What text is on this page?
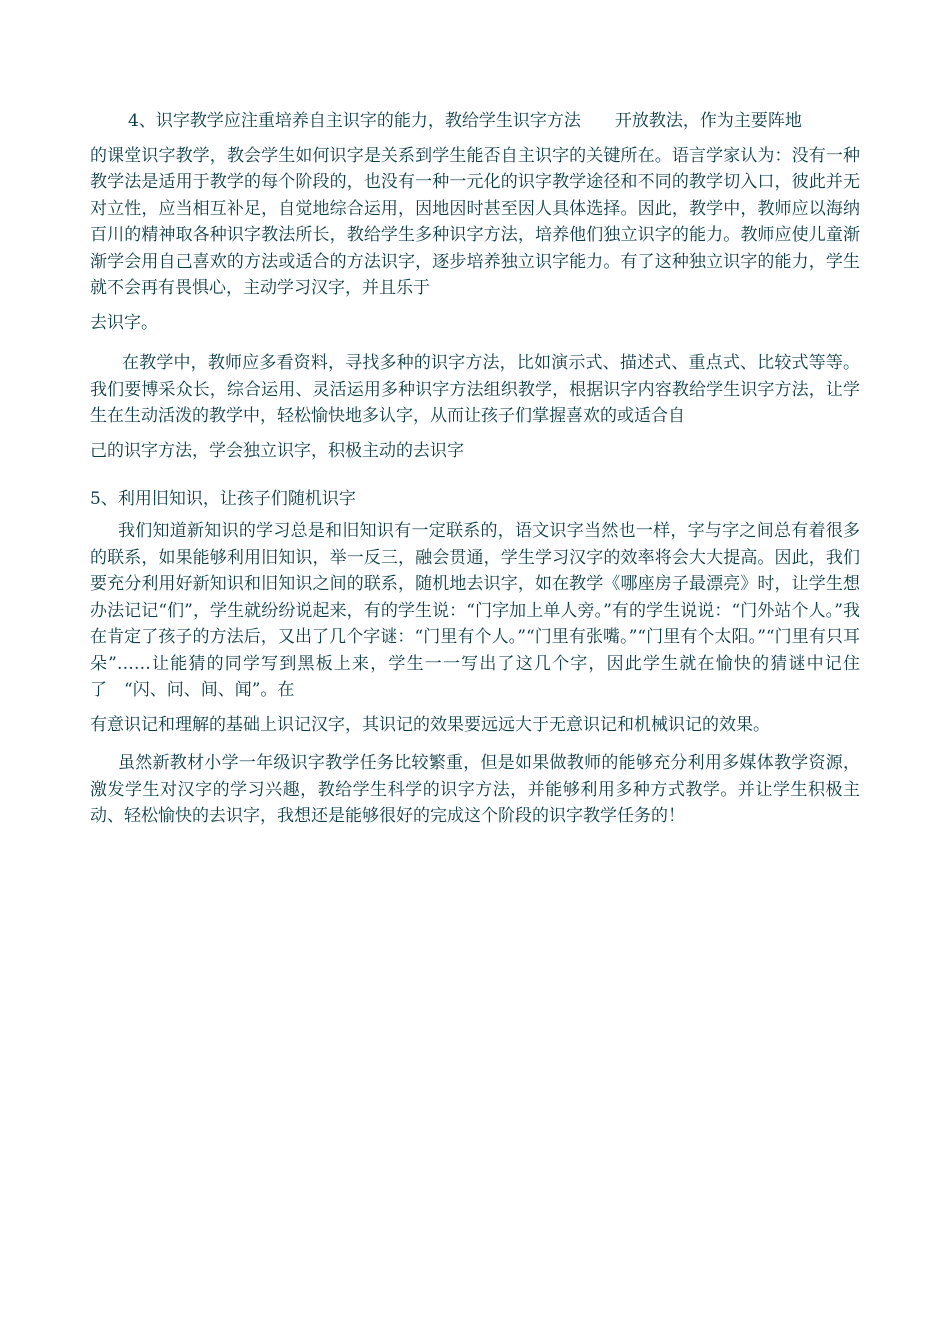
4、识字教学应注重培养自主识字的能力，教给学生识字方法　　开放教法，作为主要阵地
的课堂识字教学，教会学生如何识字是关系到学生能否自主识字的关键所在。语言学家认为：没有一种教学法是适用于教学的每个阶段的，也没有一种一元化的识字教学途径和不同的教学切入口，彼此并无对立性，应当相互补足，自觉地综合运用，因地因时甚至因人具体选择。因此，教学中，教师应以海纳百川的精神取各种识字教法所长，教给学生多种识字方法，培养他们独立识字的能力。教师应使儿童渐渐学会用自己喜欢的方法或适合的方法识字，逐步培养独立识字能力。有了这种独立识字的能力，学生就不会再有畏惧心，主动学习汉字，并且乐于
去识字。

在教学中，教师应多看资料，寻找多种的识字方法，比如演示式、描述式、重点式、比较式等等。我们要博采众长，综合运用、灵活运用多种识字方法组织教学，根据识字内容教给学生识字方法，让学生在生动活泼的教学中，轻松愉快地多认字，从而让孩子们掌握喜欢的或适合自
己的识字方法，学会独立识字，积极主动的去识字

5、利用旧知识，让孩子们随机识字

我们知道新知识的学习总是和旧知识有一定联系的，语文识字当然也一样，字与字之间总有着很多的联系，如果能够利用旧知识，举一反三，融会贯通，学生学习汉字的效率将会大大提高。因此，我们要充分利用好新知识和旧知识之间的联系，随机地去识字，如在教学《哪座房子最漂亮》时，让学生想办法记记“们”，学生就纷纷说起来，有的学生说：“门字加上单人旁。”有的学生说说：“门外站个人。”我在肯定了孩子的方法后，又出了几个字谜：“门里有个人。”“门里有张嘴。”“门里有个太阳。”“门里有只耳朵”……让能猜的同学写到黑板上来，学生一一写出了这几个字，因此学生就在愉快的猜谜中记住了　“闪、问、间、闻”。在
有意识记和理解的基础上识记汉字，其识记的效果要远远大于无意识记和机械识记的效果。

虽然新教材小学一年级识字教学任务比较繁重，但是如果做教师的能够充分利用多媒体教学资源，激发学生对汉字的学习兴趣，教给学生科学的识字方法，并能够利用多种方式教学。并让学生积极主动、轻松愉快的去识字，我想还是能够很好的完成这个阶段的识字教学任务的！
